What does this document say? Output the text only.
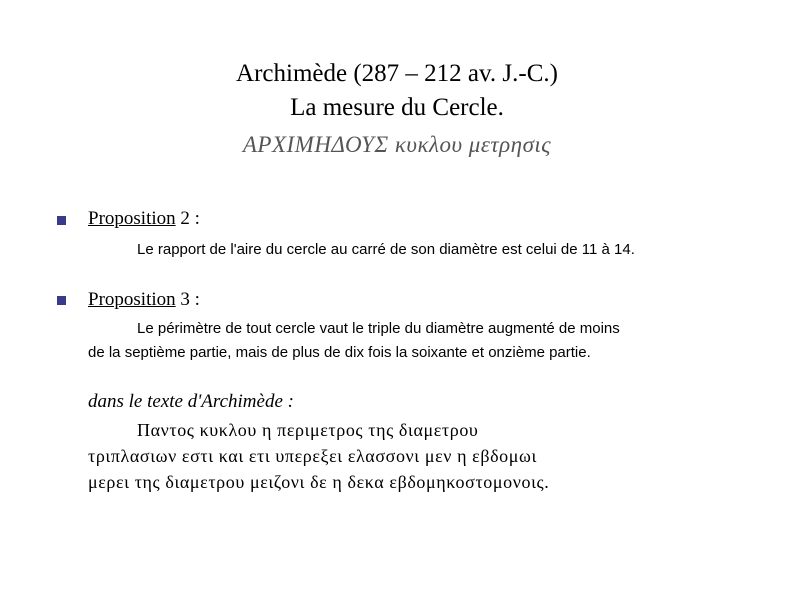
Archimède (287 – 212 av. J.-C.)
La mesure du Cercle.
ΑΡΧΙΜΗΔΟΥΣ κυκλου μετρησις
Proposition 2 :
Le rapport de l'aire du cercle au carré de son diamètre est celui de 11 à 14.
Proposition 3 :
Le périmètre de tout cercle vaut le triple du diamètre augmenté de moins
de la septième partie, mais de plus de dix fois la soixante et onzième partie.
dans le texte d'Archimède :
Παντος κυκλου η περιμετρος της διαμετρου
τριπλασιων εστι και ετι υπερεξει ελασσονι μεν η εβδομωι
μερει της διαμετρου μειζονι δε η δεκα εβδομηκοστομονοις.
